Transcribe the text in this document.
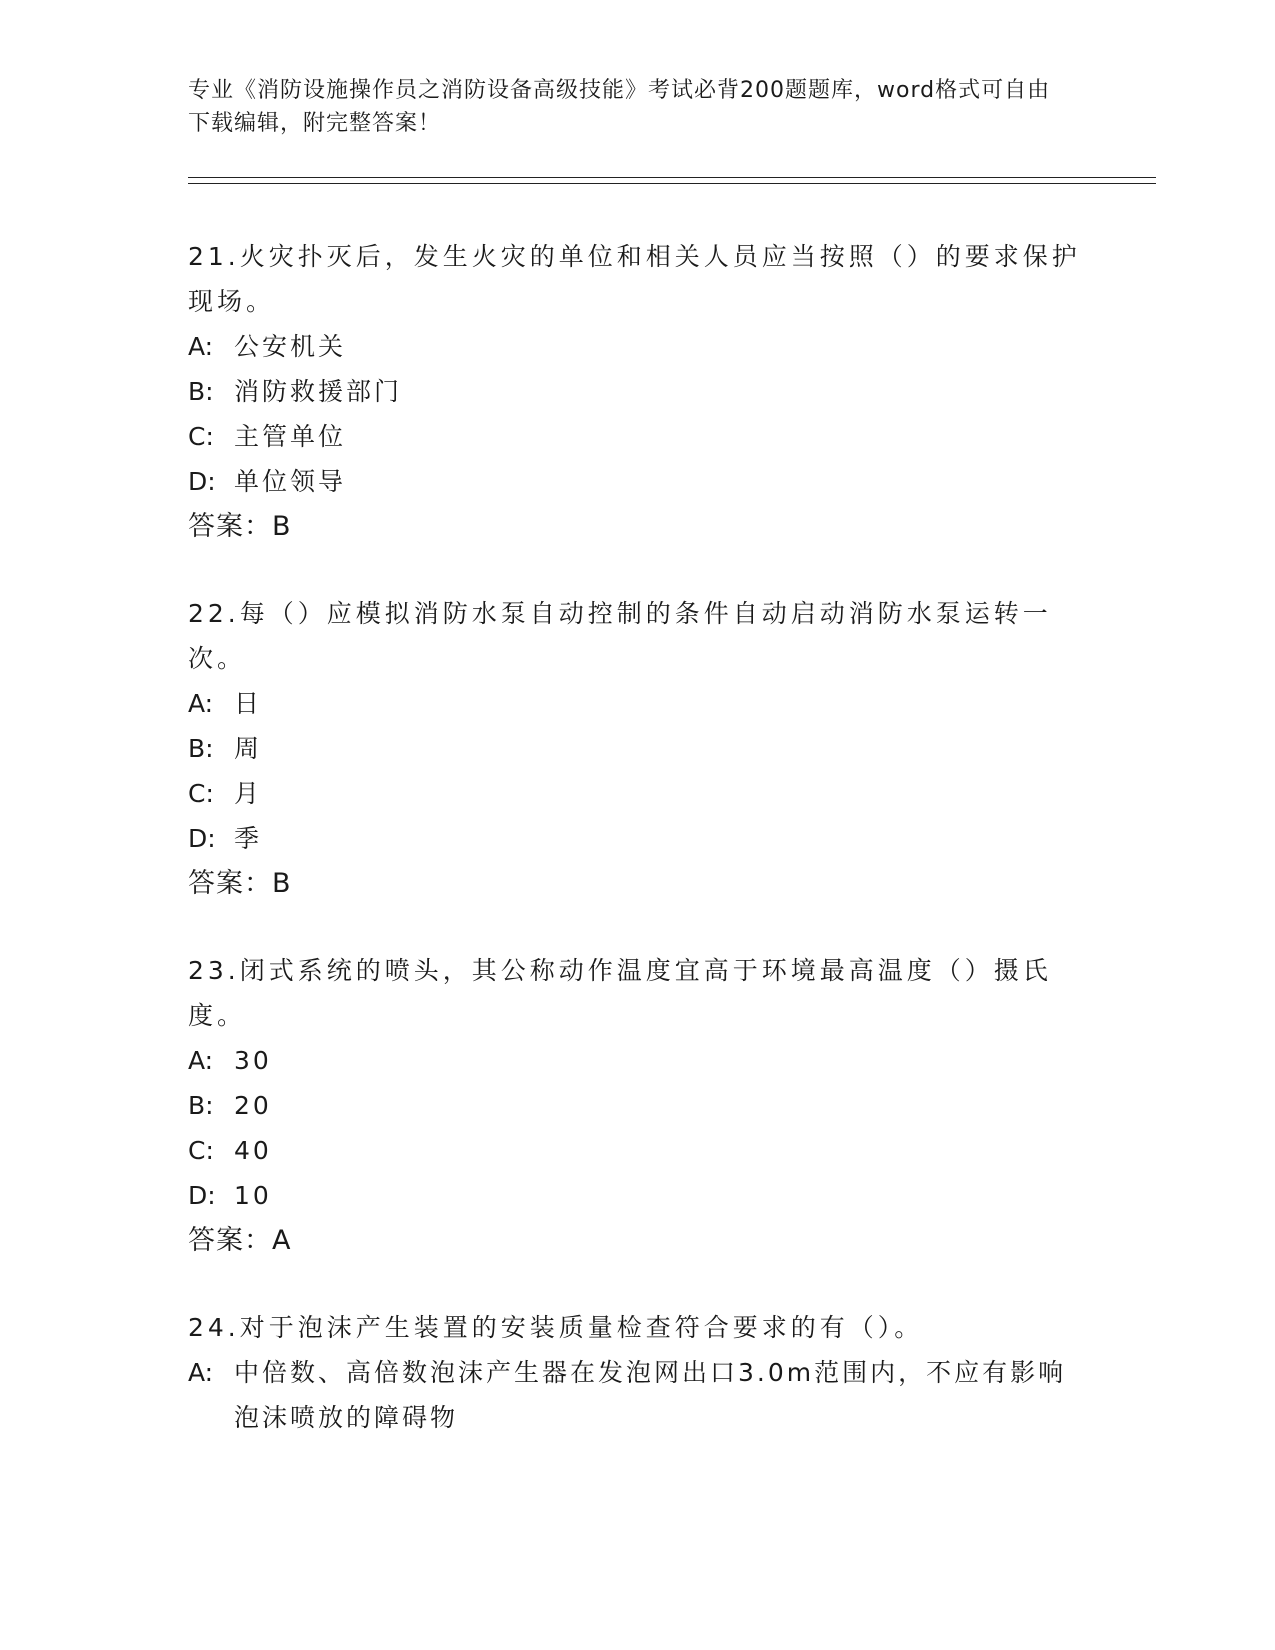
专业《消防设施操作员之消防设备高级技能》考试必背200题题库，word格式可自由下载编辑，附完整答案！
21.火灾扑灭后，发生火灾的单位和相关人员应当按照（）的要求保护现场。
A: 公安机关
B: 消防救援部门
C: 主管单位
D: 单位领导
答案：B
22.每（）应模拟消防水泵自动控制的条件自动启动消防水泵运转一次。
A: 日
B: 周
C: 月
D: 季
答案：B
23.闭式系统的喷头，其公称动作温度宜高于环境最高温度（）摄氏度。
A: 30
B: 20
C: 40
D: 10
答案：A
24.对于泡沫产生装置的安装质量检查符合要求的有（）。
A: 中倍数、高倍数泡沫产生器在发泡网出口3.0m范围内，不应有影响泡沫喷放的障碍物
